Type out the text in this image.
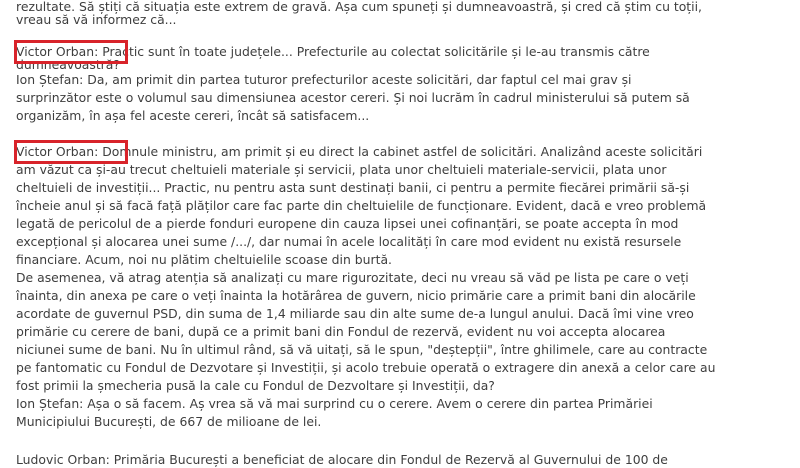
rezultate. Să știți că situația este extrem de gravă. Așa cum spuneți și dumneavoastră, și cred că știm cu toții,
vreau să vă informez că...
Victor Orban: Practic sunt în toate județele... Prefecturile au colectat solicitările și le-au transmis către
dumneavoastră?
Ion Ștefan: Da, am primit din partea tuturor prefecturilor aceste solicitări, dar faptul cel mai grav și
surprinzător este o volumul sau dimensiunea acestor cereri. Și noi lucrăm în cadrul ministerului să putem să
organizăm, în așa fel aceste cereri, încât să satisfacem...
Victor Orban: Domnule ministru, am primit și eu direct la cabinet astfel de solicitări. Analizând aceste solicitări
am văzut ca și-au trecut cheltuieli materiale și servicii, plata unor cheltuieli materiale-servicii, plata unor
cheltuieli de investiții... Practic, nu pentru asta sunt destinați banii, ci pentru a permite fiecărei primării să-și
încheie anul și să facă față plăților care fac parte din cheltuielile de funcționare. Evident, dacă e vreo problemă
legată de pericolul de a pierde fonduri europene din cauza lipsei unei cofinanțări, se poate accepta în mod
excepțional și alocarea unei sume /.../, dar numai în acele localități în care mod evident nu există resursele
financiare. Acum, noi nu plătim cheltuielile scoase din burtă.
De asemenea, vă atrag atenția să analizați cu mare rigurozitate, deci nu vreau să văd pe lista pe care o veți
înainta, din anexa pe care o veți înainta la hotărârea de guvern, nicio primărie care a primit bani din alocările
acordate de guvernul PSD, din suma de 1,4 miliarde sau din alte sume de-a lungul anului. Dacă îmi vine vreo
primărie cu cerere de bani, după ce a primit bani din Fondul de rezervă, evident nu voi accepta alocarea
niciunei sume de bani. Nu în ultimul rând, să vă uitați, să le spun, "deștepții", între ghilimele, care au contracte
pe fantomatic cu Fondul de Dezvotare și Investiții, și acolo trebuie operată o extragere din anexă a celor care au
fost primii la șmecheria pusă la cale cu Fondul de Dezvoltare și Investiții, da?
Ion Ștefan: Așa o să facem. Aș vrea să vă mai surprind cu o cerere. Avem o cerere din partea Primăriei
Municipiului București, de 667 de milioane de lei.
Ludovic Orban: Primăria București a beneficiat de alocare din Fondul de Rezervă al Guvernului de 100 de
